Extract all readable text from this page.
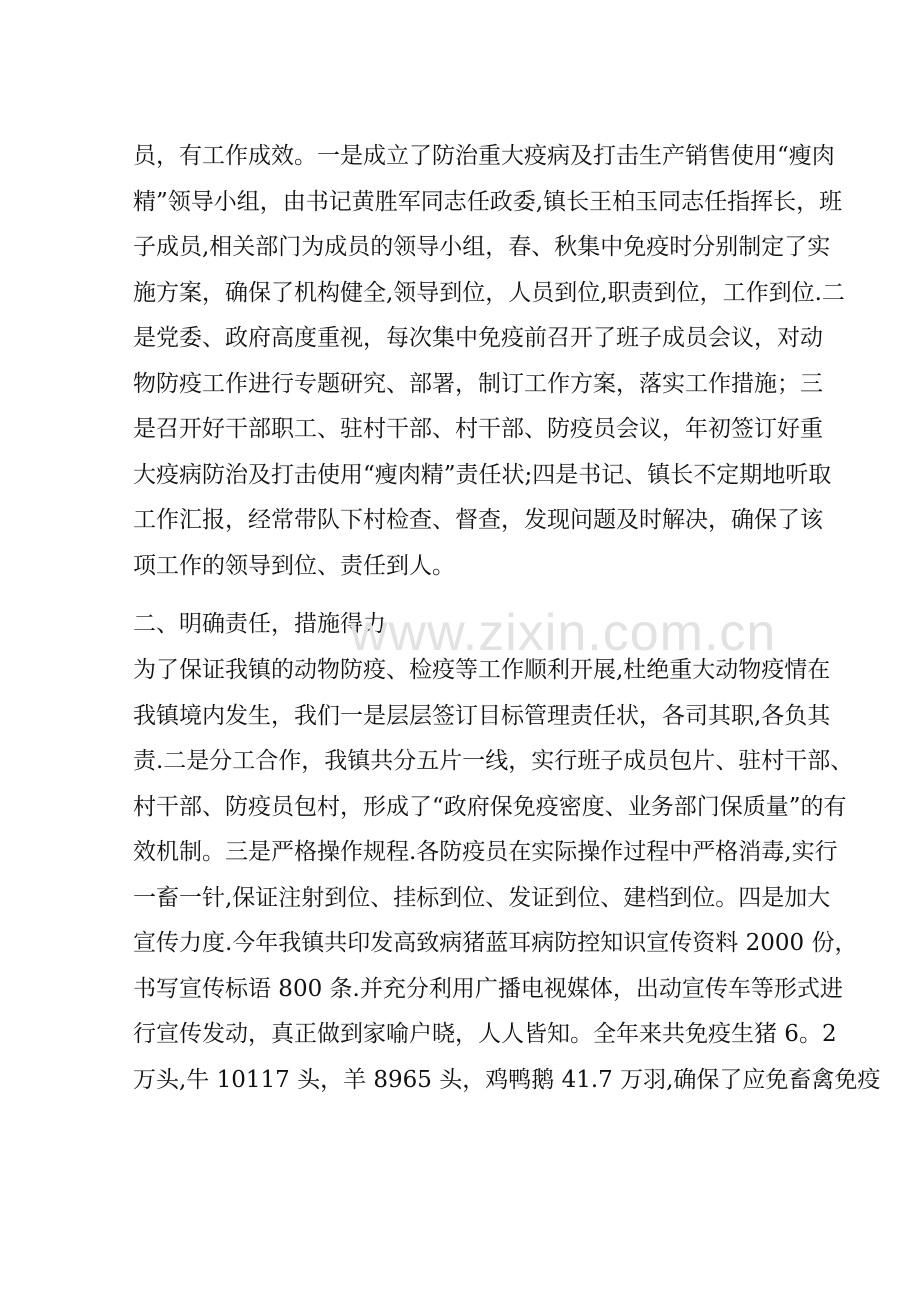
员，有工作成效。一是成立了防治重大疫病及打击生产销售使用“瘦肉
精”领导小组，由书记黄胜军同志任政委,镇长王柏玉同志任指挥长，班
子成员,相关部门为成员的领导小组，春、秋集中免疫时分别制定了实
施方案，确保了机构健全,领导到位，人员到位,职责到位，工作到位.二
是党委、政府高度重视，每次集中免疫前召开了班子成员会议，对动
物防疫工作进行专题研究、部署，制订工作方案，落实工作措施；三
是召开好干部职工、驻村干部、村干部、防疫员会议，年初签订好重
大疫病防治及打击使用“瘦肉精”责任状;四是书记、镇长不定期地听取
工作汇报，经常带队下村检查、督查，发现问题及时解决，确保了该
项工作的领导到位、责任到人。
二、明确责任，措施得力
为了保证我镇的动物防疫、检疫等工作顺利开展,杜绝重大动物疫情在
我镇境内发生，我们一是层层签订目标管理责任状，各司其职,各负其
责.二是分工合作，我镇共分五片一线，实行班子成员包片、驻村干部、
村干部、防疫员包村，形成了“政府保免疫密度、业务部门保质量”的有
效机制。三是严格操作规程.各防疫员在实际操作过程中严格消毒,实行
一畜一针,保证注射到位、挂标到位、发证到位、建档到位。四是加大
宣传力度.今年我镇共印发高致病猪蓝耳病防控知识宣传资料 2000 份，
书写宣传标语 800 条.并充分利用广播电视媒体，出动宣传车等形式进
行宣传发动，真正做到家喻户晓，人人皆知。全年来共免疫生猪 6。2
万头,牛 10117 头，羊 8965 头，鸡鸭鹅 41.7 万羽,确保了应免畜禽免疫
www.zixin.com.cn
